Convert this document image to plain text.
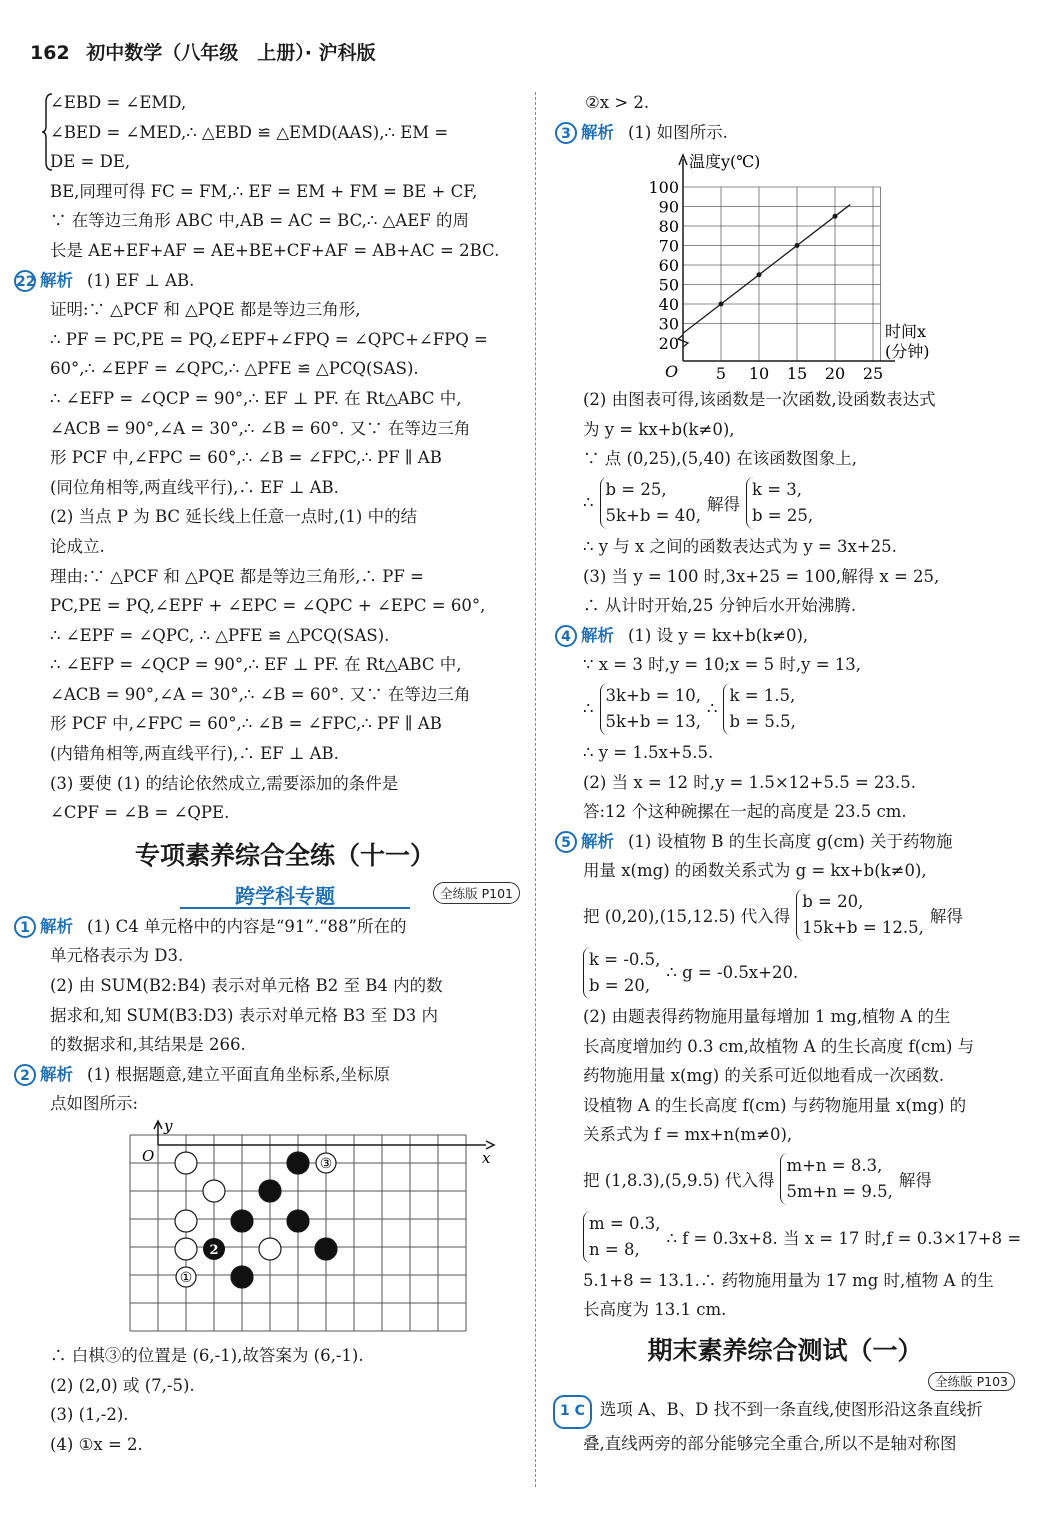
162 初中数学（八年级　上册）· 沪科版
∠EBD = ∠EMD,
∠BED = ∠MED,∴ △EBD ≌ △EMD(AAS),∴ EM =
DE = DE,
BE,同理可得 FC = FM,∴ EF = EM + FM = BE + CF,
∵ 在等边三角形 ABC 中,AB = AC = BC,∴ △AEF 的周
长是 AE+EF+AF = AE+BE+CF+AF = AB+AC = 2BC.
22 解析 (1) EF ⊥ AB.
证明:∵ △PCF 和 △PQE 都是等边三角形,
∴ PF = PC,PE = PQ,∠EPF+∠FPQ = ∠QPC+∠FPQ =
60°,∴ ∠EPF = ∠QPC,∴ △PFE ≌ △PCQ(SAS).
∴ ∠EFP = ∠QCP = 90°,∴ EF ⊥ PF. 在 Rt△ABC 中,
∠ACB = 90°,∠A = 30°,∴ ∠B = 60°. 又∵ 在等边三角
形 PCF 中,∠FPC = 60°,∴ ∠B = ∠FPC,∴ PF ∥ AB
(同位角相等,两直线平行),∴ EF ⊥ AB.
(2) 当点 P 为 BC 延长线上任意一点时,(1) 中的结
论成立.
理由:∵ △PCF 和 △PQE 都是等边三角形,∴ PF =
PC,PE = PQ,∠EPF + ∠EPC = ∠QPC + ∠EPC = 60°,
∴ ∠EPF = ∠QPC, ∴ △PFE ≌ △PCQ(SAS).
∴ ∠EFP = ∠QCP = 90°,∴ EF ⊥ PF. 在 Rt△ABC 中,
∠ACB = 90°,∠A = 30°,∴ ∠B = 60°. 又∵ 在等边三角
形 PCF 中,∠FPC = 60°,∴ ∠B = ∠FPC,∴ PF ∥ AB
(内错角相等,两直线平行),∴ EF ⊥ AB.
(3) 要使 (1) 的结论依然成立,需要添加的条件是
∠CPF = ∠B = ∠QPE.
专项素养综合全练（十一）
跨学科专题	全练版 P101
1 解析 (1) C4 单元格中的内容是“91”.“88”所在的
单元格表示为 D3.
(2) 由 SUM(B2:B4) 表示对单元格 B2 至 B4 内的数
据求和,知 SUM(B3:D3) 表示对单元格 B3 至 D3 内
的数据求和,其结果是 266.
2 解析 (1) 根据题意,建立平面直角坐标系,坐标原
点如图所示:
O	x
y
①
2
③
∴ 白棋③的位置是 (6,-1),故答案为 (6,-1).
(2) (2,0) 或 (7,-5).
(3) (1,-2).
(4) ①x = 2.
②x > 2.
3 解析 (1) 如图所示.
温度y(℃)
时间x
(分钟)
O
20
30
40
50
60
70
80
90
100
5 10 15 20 25
(2) 由图表可得,该函数是一次函数,设函数表达式
为 y = kx+b(k≠0),
∵ 点 (0,25),(5,40) 在该函数图象上,
∴
b = 25,
5k+b = 40,
解得
k = 3,
b = 25,
∴ y 与 x 之间的函数表达式为 y = 3x+25.
(3) 当 y = 100 时,3x+25 = 100,解得 x = 25,
∴ 从计时开始,25 分钟后水开始沸腾.
4 解析 (1) 设 y = kx+b(k≠0),
∵ x = 3 时,y = 10;x = 5 时,y = 13,
∴
3k+b = 10,
5k+b = 13,
∴
k = 1.5,
b = 5.5,
∴ y = 1.5x+5.5.
(2) 当 x = 12 时,y = 1.5×12+5.5 = 23.5.
答:12 个这种碗摞在一起的高度是 23.5 cm.
5 解析 (1) 设植物 B 的生长高度 g(cm) 关于药物施
用量 x(mg) 的函数关系式为 g = kx+b(k≠0),
把 (0,20),(15,12.5) 代入得
b = 20,
15k+b = 12.5,
解得
k = -0.5,
b = 20,
∴ g = -0.5x+20.
(2) 由题表得药物施用量每增加 1 mg,植物 A 的生
长高度增加约 0.3 cm,故植物 A 的生长高度 f(cm) 与
药物施用量 x(mg) 的关系可近似地看成一次函数.
设植物 A 的生长高度 f(cm) 与药物施用量 x(mg) 的
关系式为 f = mx+n(m≠0),
把 (1,8.3),(5,9.5) 代入得
m+n = 8.3,
5m+n = 9.5,
解得
m = 0.3,
n = 8,
∴ f = 0.3x+8. 当 x = 17 时,f = 0.3×17+8 =
5.1+8 = 13.1.∴ 药物施用量为 17 mg 时,植物 A 的生
长高度为 13.1 cm.
期末素养综合测试（一）
全练版 P103
1 C 选项 A、B、D 找不到一条直线,使图形沿这条直线折
叠,直线两旁的部分能够完全重合,所以不是轴对称图
